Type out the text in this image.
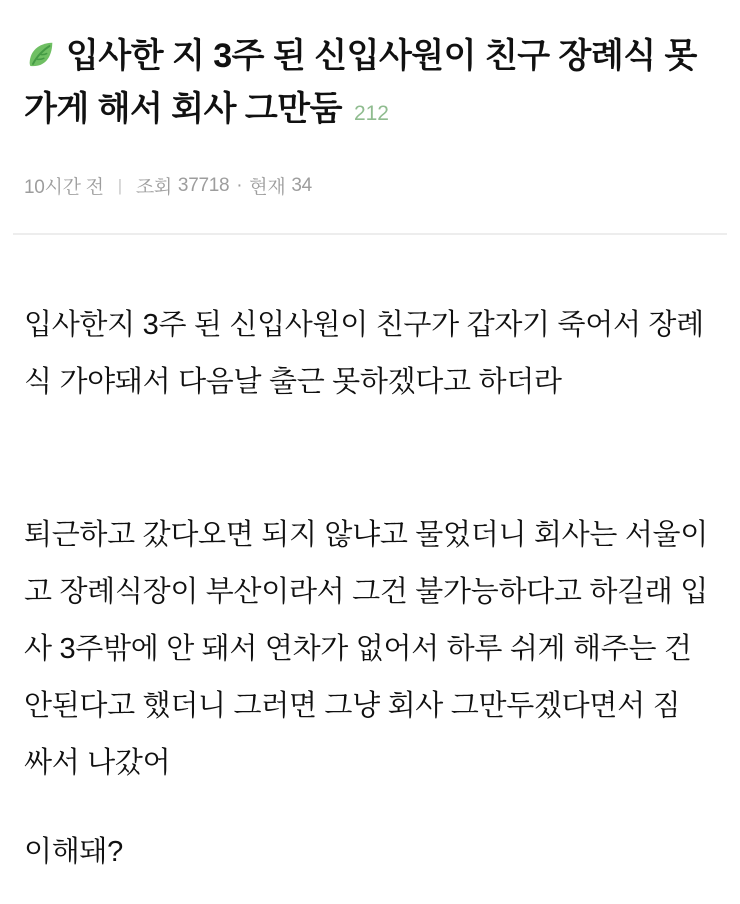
입사한 지 3주 된 신입사원이 친구 장례식 못 가게 해서 회사 그만둠 212
10시간 전 | 조회 37718 · 현재 34

입사한지 3주 된 신입사원이 친구가 갑자기 죽어서 장례식 가야돼서 다음날 출근 못하겠다고 하더라

퇴근하고 갔다오면 되지 않냐고 물었더니 회사는 서울이고 장례식장이 부산이라서 그건 불가능하다고 하길래 입사 3주밖에 안 돼서 연차가 없어서 하루 쉬게 해주는 건 안된다고 했더니 그러면 그냥 회사 그만두겠다면서 짐 싸서 나갔어

이해돼?
